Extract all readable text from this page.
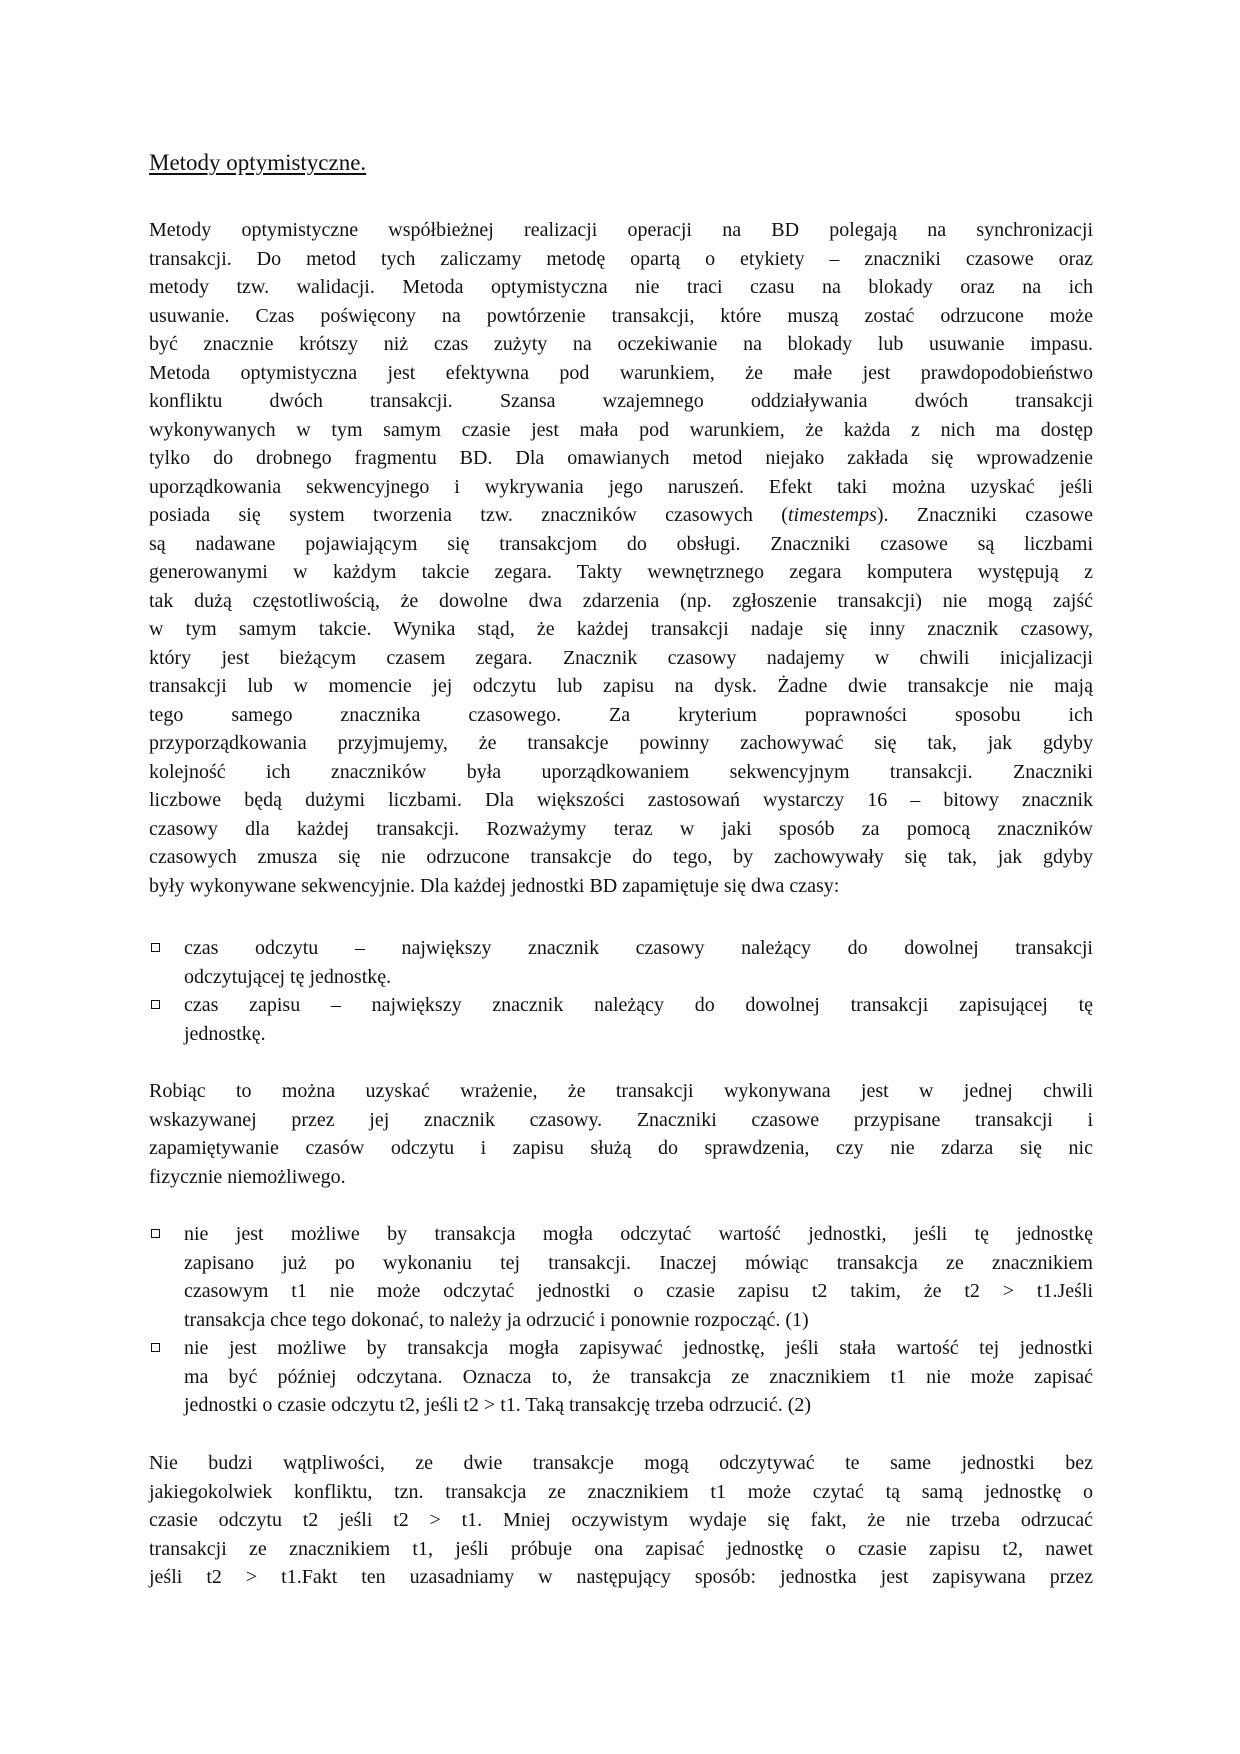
Metody optymistyczne.
Metody optymistyczne współbieżnej realizacji operacji na BD polegają na synchronizacji
transakcji. Do metod tych zaliczamy metodę opartą o etykiety – znaczniki czasowe oraz
metody tzw. walidacji. Metoda optymistyczna nie traci czasu na blokady oraz na ich
usuwanie. Czas poświęcony na powtórzenie transakcji, które muszą zostać odrzucone może
być znacznie krótszy niż czas zużyty na oczekiwanie na blokady lub usuwanie impasu.
Metoda optymistyczna jest efektywna pod warunkiem, że małe jest prawdopodobieństwo
konfliktu dwóch transakcji. Szansa wzajemnego oddziaływania dwóch transakcji
wykonywanych w tym samym czasie jest mała pod warunkiem, że każda z nich ma dostęp
tylko do drobnego fragmentu BD. Dla omawianych metod niejako zakłada się wprowadzenie
uporządkowania sekwencyjnego i wykrywania jego naruszeń. Efekt taki można uzyskać jeśli
posiada się system tworzenia tzw. znaczników czasowych (timestemps). Znaczniki czasowe
są nadawane pojawiającym się transakcjom do obsługi. Znaczniki czasowe są liczbami
generowanymi w każdym takcie zegara. Takty wewnętrznego zegara komputera występują z
tak dużą częstotliwością, że dowolne dwa zdarzenia (np. zgłoszenie transakcji) nie mogą zajść
w tym samym takcie. Wynika stąd, że każdej transakcji nadaje się inny znacznik czasowy,
który jest bieżącym czasem zegara. Znacznik czasowy nadajemy w chwili inicjalizacji
transakcji lub w momencie jej odczytu lub zapisu na dysk. Żadne dwie transakcje nie mają
tego samego znacznika czasowego. Za kryterium poprawności sposobu ich
przyporządkowania przyjmujemy, że transakcje powinny zachowywać się tak, jak gdyby
kolejność ich znaczników była uporządkowaniem sekwencyjnym transakcji. Znaczniki
liczbowe będą dużymi liczbami. Dla większości zastosowań wystarczy 16 – bitowy znacznik
czasowy dla każdej transakcji. Rozważymy teraz w jaki sposób za pomocą znaczników
czasowych zmusza się nie odrzucone transakcje do tego, by zachowywały się tak, jak gdyby
były wykonywane sekwencyjnie. Dla każdej jednostki BD zapamiętuje się dwa czasy:
czas odczytu – największy znacznik czasowy należący do dowolnej transakcji
odczytującej tę jednostkę.
czas zapisu – największy znacznik należący do dowolnej transakcji zapisującej tę
jednostkę.
Robiąc to można uzyskać wrażenie, że transakcji wykonywana jest w jednej chwili
wskazywanej przez jej znacznik czasowy. Znaczniki czasowe przypisane transakcji i
zapamiętywanie czasów odczytu i zapisu służą do sprawdzenia, czy nie zdarza się nic
fizycznie niemożliwego.
nie jest możliwe by transakcja mogła odczytać wartość jednostki, jeśli tę jednostkę
zapisano już po wykonaniu tej transakcji. Inaczej mówiąc transakcja ze znacznikiem
czasowym t1 nie może odczytać jednostki o czasie zapisu t2 takim, że t2 > t1.Jeśli
transakcja chce tego dokonać, to należy ja odrzucić i ponownie rozpocząć. (1)
nie jest możliwe by transakcja mogła zapisywać jednostkę, jeśli stała wartość tej jednostki
ma być później odczytana. Oznacza to, że transakcja ze znacznikiem t1 nie może zapisać
jednostki o czasie odczytu t2, jeśli t2 > t1. Taką transakcję trzeba odrzucić. (2)
Nie budzi wątpliwości, ze dwie transakcje mogą odczytywać te same jednostki bez
jakiegokolwiek konfliktu, tzn. transakcja ze znacznikiem t1 może czytać tą samą jednostkę o
czasie odczytu t2 jeśli t2 > t1. Mniej oczywistym wydaje się fakt, że nie trzeba odrzucać
transakcji ze znacznikiem t1, jeśli próbuje ona zapisać jednostkę o czasie zapisu t2, nawet
jeśli t2 > t1.Fakt ten uzasadniamy w następujący sposób: jednostka jest zapisywana przez
